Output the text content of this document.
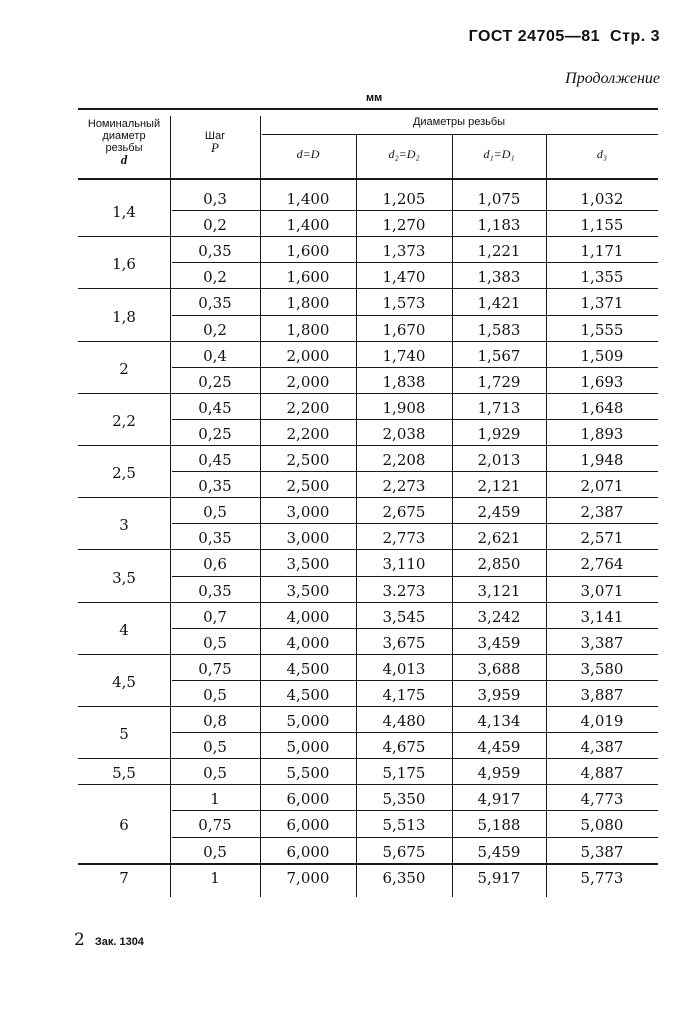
ГОСТ 24705—81 Стр. 3
Продолжение
мм
Номинальный
диаметр
резьбы
d
Шаг
P
Диаметры резьбы
d=D	d₂=D₂	d₁=D₁	d₃
1,4
0,3	1,400	1,205	1,075	1,032
0,2	1,400	1,270	1,183	1,155
1,6
0,35	1,600	1,373	1,221	1,171
0,2	1,600	1,470	1,383	1,355
1,8
0,35	1,800	1,573	1,421	1,371
0,2	1,800	1,670	1,583	1,555
2
0,4	2,000	1,740	1,567	1,509
0,25	2,000	1,838	1,729	1,693
2,2
0,45	2,200	1,908	1,713	1,648
0,25	2,200	2,038	1,929	1,893
2,5
0,45	2,500	2,208	2,013	1,948
0,35	2,500	2,273	2,121	2,071
3
0,5	3,000	2,675	2,459	2,387
0,35	3,000	2,773	2,621	2,571
3,5
0,6	3,500	3,110	2,850	2,764
0,35	3,500	3.273	3,121	3,071
4
0,7	4,000	3,545	3,242	3,141
0,5	4,000	3,675	3,459	3,387
4,5
0,75	4,500	4,013	3,688	3,580
0,5	4,500	4,175	3,959	3,887
5
0,8	5,000	4,480	4,134	4,019
0,5	5,000	4,675	4,459	4,387
5,5	0,5	5,500	5,175	4,959	4,887
6
1	6,000	5,350	4,917	4,773
0,75	6,000	5,513	5,188	5,080
0,5	6,000	5,675	5,459	5,387
7	1	7,000	6,350	5,917	5,773
2 Зак. 1304
